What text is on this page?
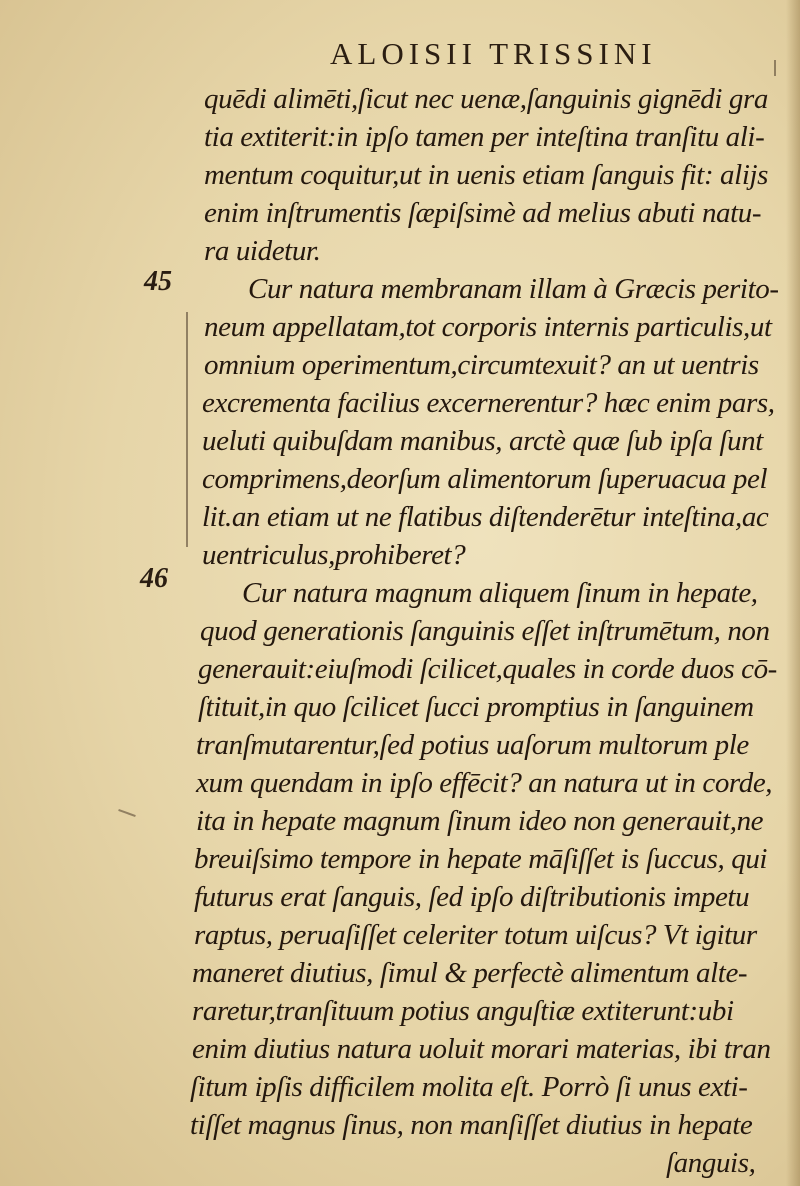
ALOISII TRISSINI
45
46
quēdi alimēti,ſicut nec uenæ,ſanguinis gignēdi gra
tia extiterit:in ipſo tamen per inteſtina tranſitu ali-
mentum coquitur,ut in uenis etiam ſanguis fit: alijs
enim inſtrumentis ſæpiſsimè ad melius abuti natu-
ra uidetur.
Cur natura membranam illam à Græcis perito-
neum appellatam,tot corporis internis particulis,ut
omnium operimentum,circumtexuit? an ut uentris
excrementa facilius excernerentur? hæc enim pars,
ueluti quibuſdam manibus, arctè quæ ſub ipſa ſunt
comprimens,deorſum alimentorum ſuperuacua pel
lit.an etiam ut ne flatibus diſtenderētur inteſtina,ac
uentriculus,prohiberet?
Cur natura magnum aliquem ſinum in hepate,
quod generationis ſanguinis eſſet inſtrumētum, non
generauit:eiuſmodi ſcilicet,quales in corde duos cō-
ſtituit,in quo ſcilicet ſucci promptius in ſanguinem
tranſmutarentur,ſed potius uaſorum multorum ple
xum quendam in ipſo effēcit? an natura ut in corde,
ita in hepate magnum ſinum ideo non generauit,ne
breuiſsimo tempore in hepate māſiſſet is ſuccus, qui
futurus erat ſanguis, ſed ipſo diſtributionis impetu
raptus, peruaſiſſet celeriter totum uiſcus? Vt igitur
maneret diutius, ſimul & perfectè alimentum alte-
raretur,tranſituum potius anguſtiæ extiterunt:ubi
enim diutius natura uoluit morari materias, ibi tran
ſitum ipſis difficilem molita eſt. Porrò ſi unus exti-
tiſſet magnus ſinus, non manſiſſet diutius in hepate
ſanguis,
